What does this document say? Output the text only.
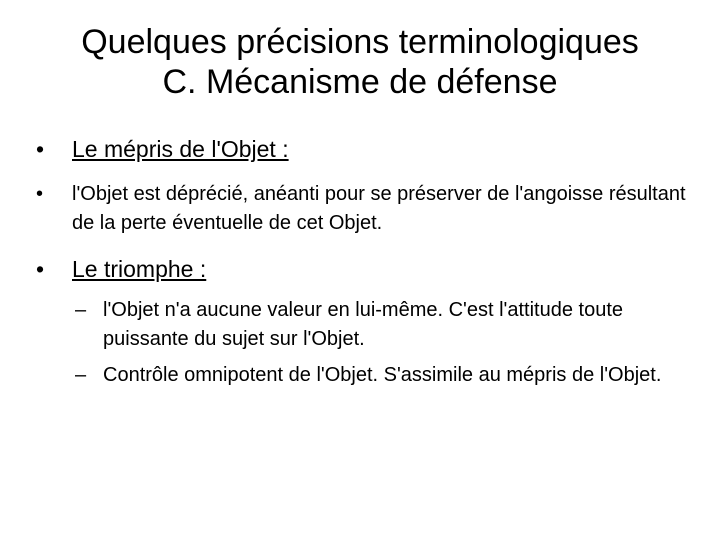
Quelques précisions terminologiques
C. Mécanisme de défense
• Le mépris de l'Objet :
• l'Objet est déprécié, anéanti pour se préserver de l'angoisse résultant de la perte éventuelle de cet Objet.
• Le triomphe :
– l'Objet n'a aucune valeur en lui-même. C'est l'attitude toute puissante du sujet sur l'Objet.
– Contrôle omnipotent de l'Objet. S'assimile au mépris de l'Objet.
